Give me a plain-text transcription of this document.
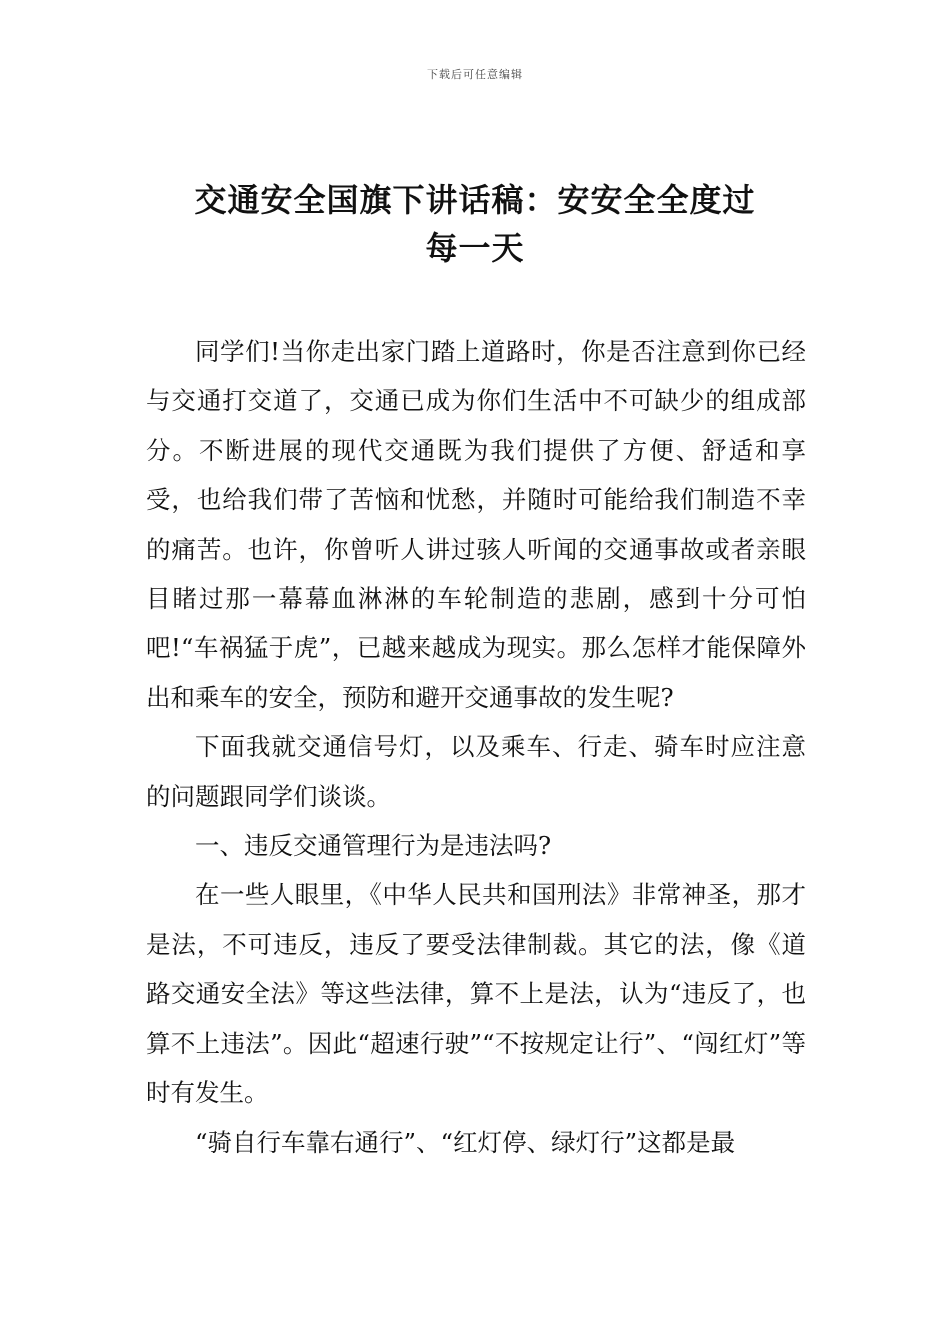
下载后可任意编辑
交通安全国旗下讲话稿：安安全全度过
每一天

同学们!当你走出家门踏上道路时，你是否注意到你已经与交通打交道了，交通已成为你们生活中不可缺少的组成部分。不断进展的现代交通既为我们提供了方便、舒适和享受，也给我们带了苦恼和忧愁，并随时可能给我们制造不幸的痛苦。也许，你曾听人讲过骇人听闻的交通事故或者亲眼目睹过那一幕幕血淋淋的车轮制造的悲剧，感到十分可怕吧!“车祸猛于虎”，已越来越成为现实。那么怎样才能保障外出和乘车的安全，预防和避开交通事故的发生呢?

下面我就交通信号灯，以及乘车、行走、骑车时应注意的问题跟同学们谈谈。

一、违反交通管理行为是违法吗?

在一些人眼里，《中华人民共和国刑法》非常神圣，那才是法，不可违反，违反了要受法律制裁。其它的法，像《道路交通安全法》等这些法律，算不上是法，认为“违反了，也算不上违法”。因此“超速行驶”“不按规定让行”、“闯红灯”等时有发生。

“骑自行车靠右通行”、“红灯停、绿灯行”这都是最
